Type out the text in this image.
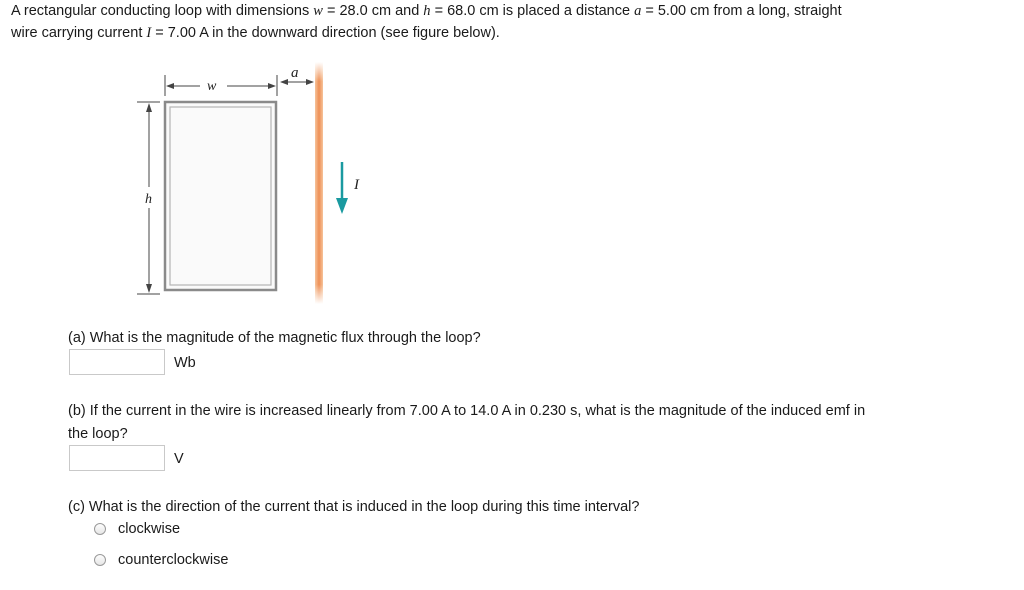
A rectangular conducting loop with dimensions w = 28.0 cm and h = 68.0 cm is placed a distance a = 5.00 cm from a long, straight
wire carrying current I = 7.00 A in the downward direction (see figure below).
I
w
a
h
(a) What is the magnitude of the magnetic flux through the loop?
Wb
(b) If the current in the wire is increased linearly from 7.00 A to 14.0 A in 0.230 s, what is the magnitude of the induced emf in
the loop?
V
(c) What is the direction of the current that is induced in the loop during this time interval?
clockwise
counterclockwise
